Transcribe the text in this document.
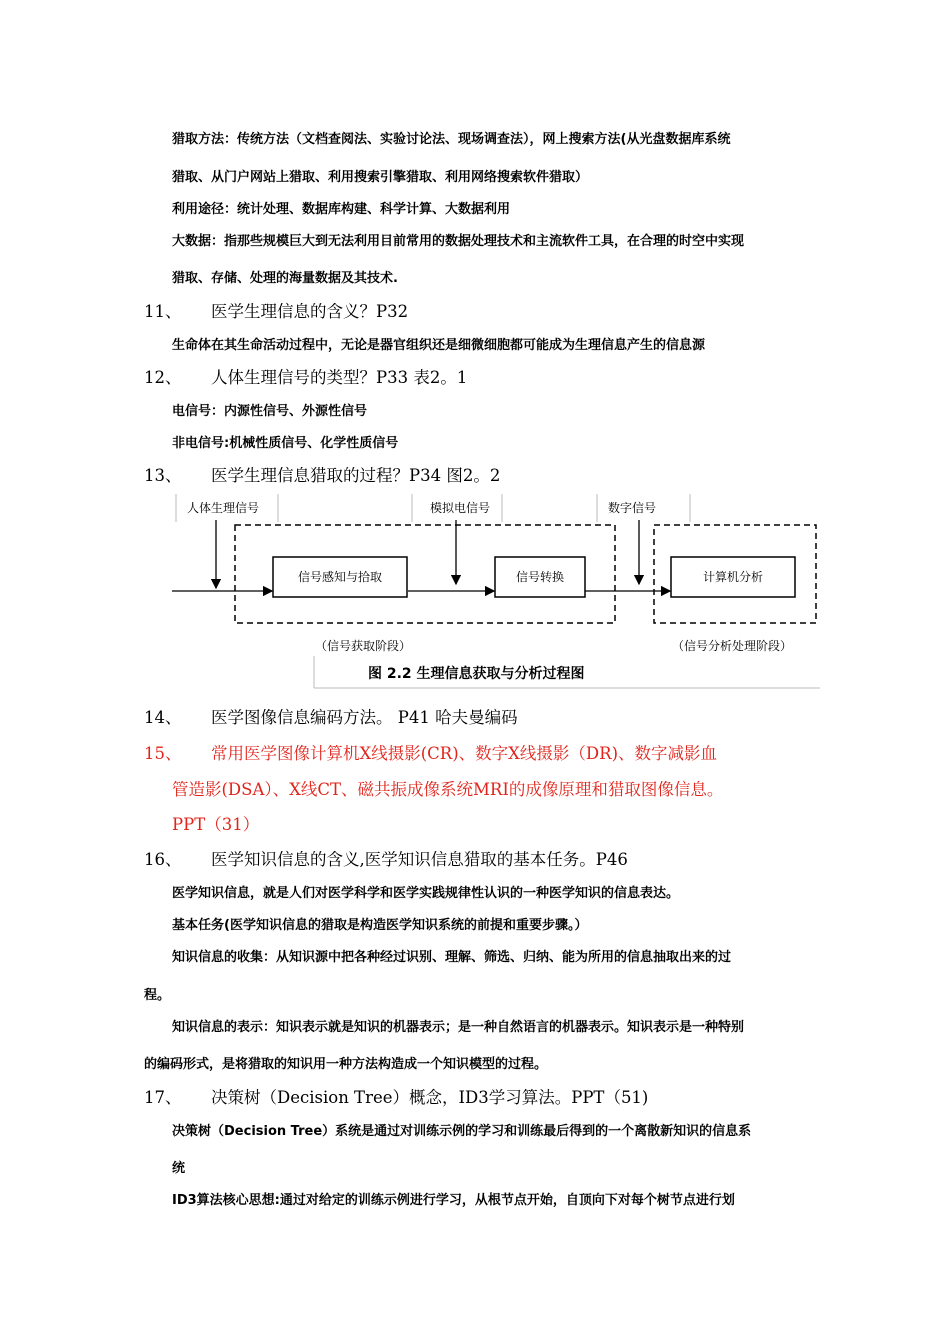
猎取方法：传统方法（文档查阅法、实验讨论法、现场调查法），网上搜索方法(从光盘数据库系统
猎取、从门户网站上猎取、利用搜索引擎猎取、利用网络搜索软件猎取）
利用途径：统计处理、数据库构建、科学计算、大数据利用
大数据：指那些规模巨大到无法利用目前常用的数据处理技术和主流软件工具，在合理的时空中实现
猎取、存储、处理的海量数据及其技术.
11、 医学生理信息的含义？P32
生命体在其生命活动过程中，无论是器官组织还是细微细胞都可能成为生理信息产生的信息源
12、 人体生理信号的类型？P33 表2。1
电信号：内源性信号、外源性信号
非电信号:机械性质信号、化学性质信号
13、 医学生理信息猎取的过程？P34 图2。2
人体生理信号	模拟电信号	数字信号
信号感知与拾取	信号转换	计算机分析
（信号获取阶段）	（信号分析处理阶段）
图 2.2 生理信息获取与分析过程图
14、 医学图像信息编码方法。 P41 哈夫曼编码
15、 常用医学图像计算机X线摄影(CR)、数字X线摄影（DR)、数字减影血
管造影(DSA）、X线CT、磁共振成像系统MRI的成像原理和猎取图像信息。
PPT（31）
16、 医学知识信息的含义,医学知识信息猎取的基本任务。P46
医学知识信息，就是人们对医学科学和医学实践规律性认识的一种医学知识的信息表达。
基本任务(医学知识信息的猎取是构造医学知识系统的前提和重要步骤。）
知识信息的收集：从知识源中把各种经过识别、理解、筛选、归纳、能为所用的信息抽取出来的过
程。
知识信息的表示：知识表示就是知识的机器表示；是一种自然语言的机器表示。知识表示是一种特别
的编码形式，是将猎取的知识用一种方法构造成一个知识模型的过程。
17、 决策树（Decision Tree）概念，ID3学习算法。PPT（51)
决策树（Decision Tree）系统是通过对训练示例的学习和训练最后得到的一个离散新知识的信息系
统
ID3算法核心思想:通过对给定的训练示例进行学习，从根节点开始，自顶向下对每个树节点进行划
